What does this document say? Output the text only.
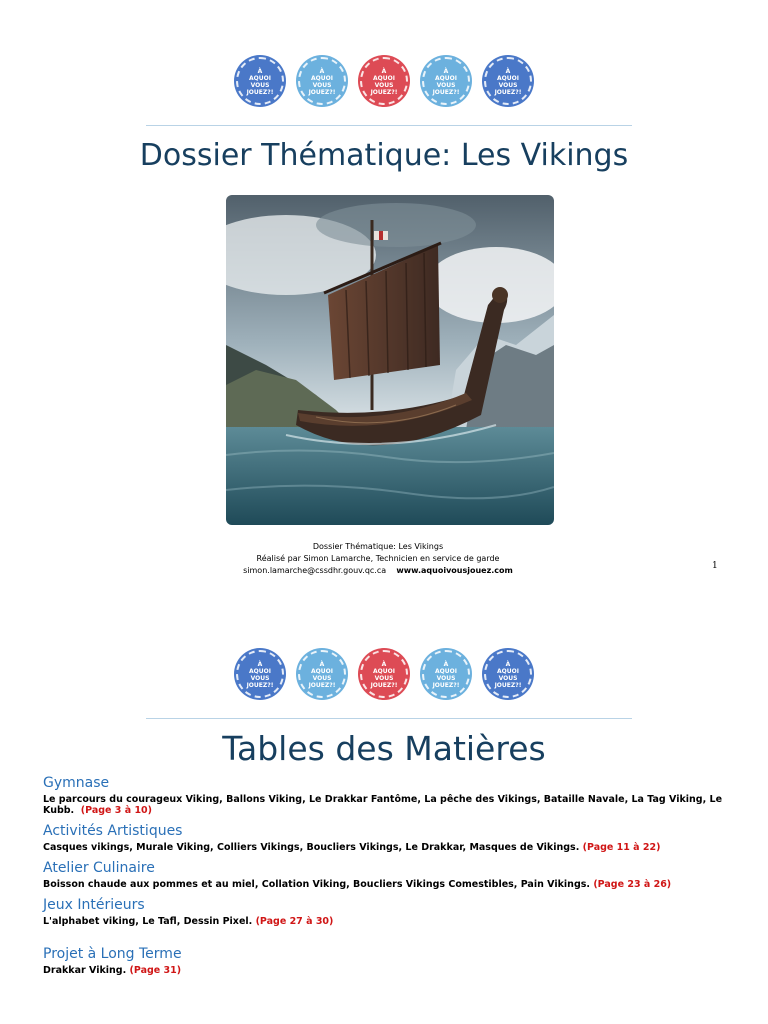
À
AQUOI
VOUS
JOUEZ?!
À
AQUOI
VOUS
JOUEZ?!
À
AQUOI
VOUS
JOUEZ?!
À
AQUOI
VOUS
JOUEZ?!
À
AQUOI
VOUS
JOUEZ?!
Dossier Thématique: Les Vikings
Dossier Thématique: Les Vikings
Réalisé par Simon Lamarche, Technicien en service de garde
simon.lamarche@cssdhr.gouv.qc.ca www.aquoivousjouez.com	1
À
AQUOI
VOUS
JOUEZ?!
À
AQUOI
VOUS
JOUEZ?!
À
AQUOI
VOUS
JOUEZ?!
À
AQUOI
VOUS
JOUEZ?!
À
AQUOI
VOUS
JOUEZ?!
Tables des Matières
Gymnase

Le parcours du courageux Viking, Ballons Viking, Le Drakkar Fantôme, La pêche des Vikings, Bataille Navale, La Tag Viking, Le Kubb. (Page 3 à 10)

Activités Artistiques

Casques vikings, Murale Viking, Colliers Vikings, Boucliers Vikings, Le Drakkar, Masques de Vikings. (Page 11 à 22)

Atelier Culinaire

Boisson chaude aux pommes et au miel, Collation Viking, Boucliers Vikings Comestibles, Pain Vikings. (Page 23 à 26)

Jeux Intérieurs

L'alphabet viking, Le Tafl, Dessin Pixel. (Page 27 à 30)

Projet à Long Terme

Drakkar Viking. (Page 31)
